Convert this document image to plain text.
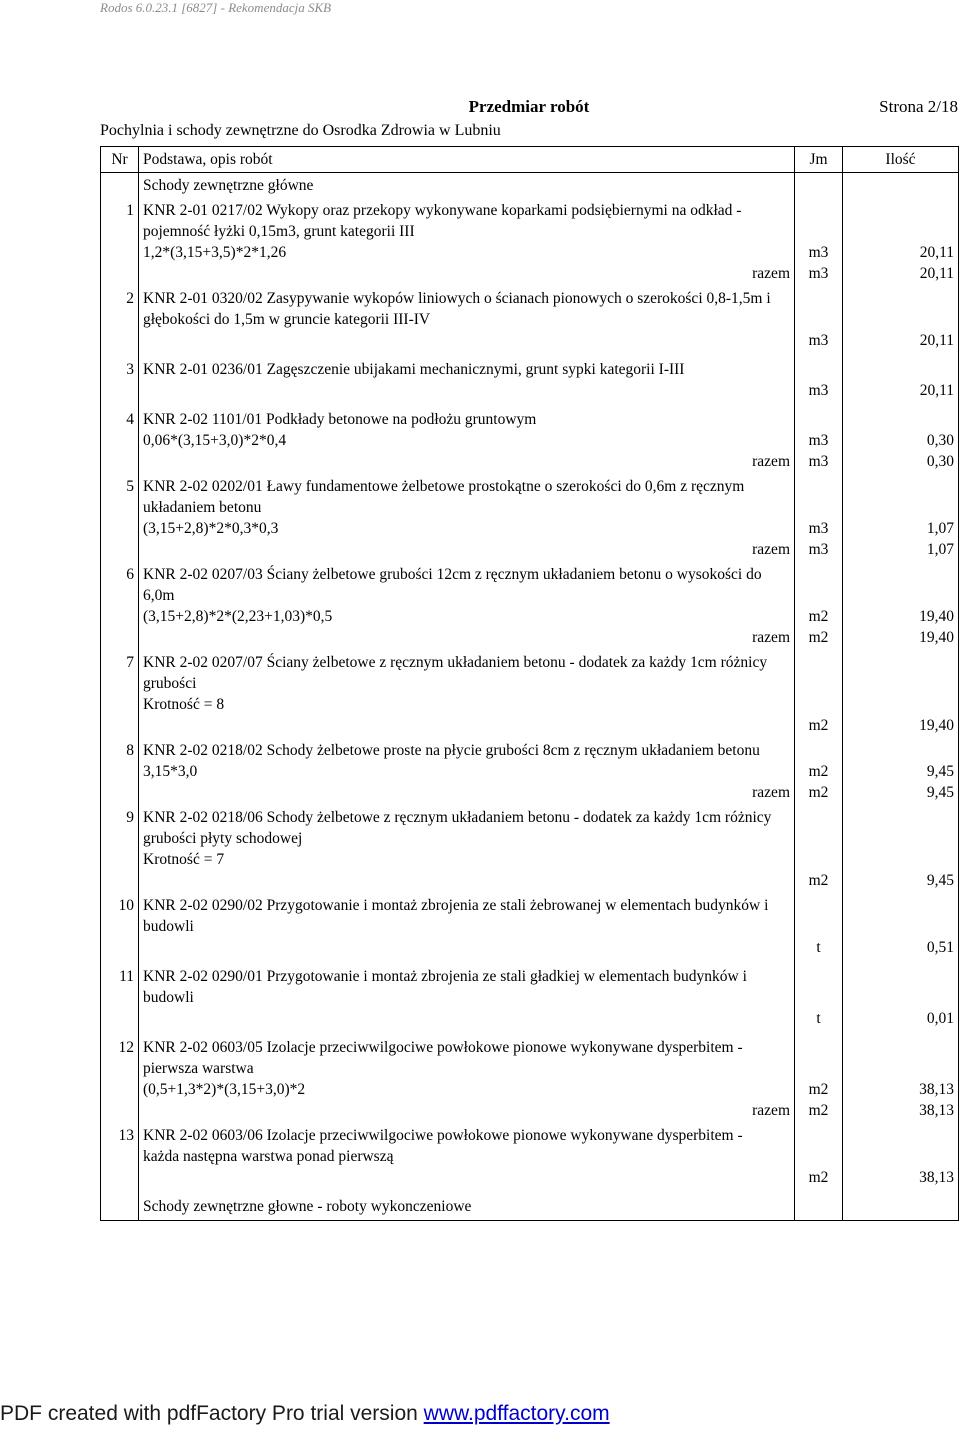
Rodos 6.0.23.1 [6827] - Rekomendacja SKB
Przedmiar robót	Strona 2/18
Pochylnia i schody zewnętrzne do Osrodka Zdrowia w Lubniu
Nr	Podstawa, opis robót	Jm	Ilość
	Schody zewnętrzne główne		
1	KNR 2-01 0217/02 Wykopy oraz przekopy wykonywane koparkami podsiębiernymi na odkład - pojemność łyżki 0,15m3, grunt kategorii III		
	1,2*(3,15+3,5)*2*1,26	m3	20,11
	razem	m3	20,11
2	KNR 2-01 0320/02 Zasypywanie wykopów liniowych o ścianach pionowych o szerokości 0,8-1,5m i głębokości do 1,5m w gruncie kategorii III-IV		
		m3	20,11
3	KNR 2-01 0236/01 Zagęszczenie ubijakami mechanicznymi, grunt sypki kategorii I-III		
		m3	20,11
4	KNR 2-02 1101/01 Podkłady betonowe na podłożu gruntowym		
	0,06*(3,15+3,0)*2*0,4	m3	0,30
	razem	m3	0,30
5	KNR 2-02 0202/01 Ławy fundamentowe żelbetowe prostokątne o szerokości do 0,6m z ręcznym układaniem betonu		
	(3,15+2,8)*2*0,3*0,3	m3	1,07
	razem	m3	1,07
6	KNR 2-02 0207/03 Ściany żelbetowe grubości 12cm z ręcznym układaniem betonu o wysokości do 6,0m		
	(3,15+2,8)*2*(2,23+1,03)*0,5	m2	19,40
	razem	m2	19,40
7	KNR 2-02 0207/07 Ściany żelbetowe z ręcznym układaniem betonu - dodatek za każdy 1cm różnicy grubości		
	Krotność = 8		
		m2	19,40
8	KNR 2-02 0218/02 Schody żelbetowe proste na płycie grubości 8cm z ręcznym układaniem betonu		
	3,15*3,0	m2	9,45
	razem	m2	9,45
9	KNR 2-02 0218/06 Schody żelbetowe z ręcznym układaniem betonu - dodatek za każdy 1cm różnicy grubości płyty schodowej		
	Krotność = 7		
		m2	9,45
10	KNR 2-02 0290/02 Przygotowanie i montaż zbrojenia ze stali żebrowanej w elementach budynków i budowli		
		t	0,51
11	KNR 2-02 0290/01 Przygotowanie i montaż zbrojenia ze stali gładkiej w elementach budynków i budowli		
		t	0,01
12	KNR 2-02 0603/05 Izolacje przeciwwilgociwe powłokowe pionowe wykonywane dysperbitem - pierwsza warstwa		
	(0,5+1,3*2)*(3,15+3,0)*2	m2	38,13
	razem	m2	38,13
13	KNR 2-02 0603/06 Izolacje przeciwwilgociwe powłokowe pionowe wykonywane dysperbitem - każda następna warstwa ponad pierwszą		
		m2	38,13
	Schody zewnętrzne głowne - roboty wykonczeniowe		
PDF created with pdfFactory Pro trial version www.pdffactory.com
